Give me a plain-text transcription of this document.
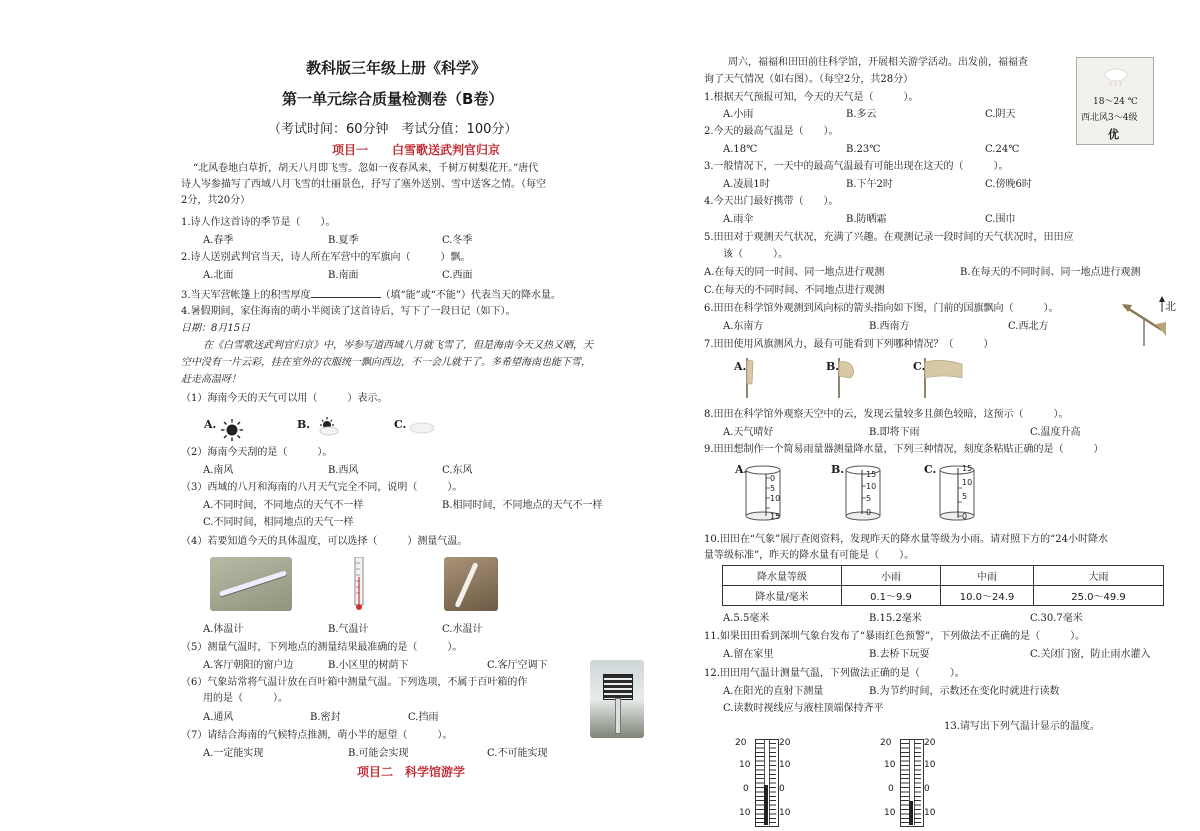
教科版三年级上册《科学》
第一单元综合质量检测卷（B卷）
（考试时间：60分钟　考试分值：100分）
项目一　　白雪歌送武判官归京
“北风卷地白草折，胡天八月即飞雪。忽如一夜春风来，千树万树梨花开。”唐代
诗人岑参描写了西域八月飞雪的壮丽景色，抒写了塞外送别、雪中送客之情。（每空
2分，共20分）
1.诗人作这首诗的季节是（　　）。
A.春季	B.夏季	C.冬季
2.诗人送别武判官当天，诗人所在军营中的军旗向（　　　）飘。
A.北面	B.南面	C.西面
3.当天军营帐篷上的积雪厚度	（填“能”或“不能”）代表当天的降水量。
4.暑假期间，家住海南的萌小半阅读了这首诗后，写下了一段日记（如下）。
日期：8月15日
在《白雪歌送武判官归京》中，岑参写道西域八月就飞雪了，但是海南今天又热又晒，天
空中没有一片云彩，挂在室外的衣服统一飘向西边，不一会儿就干了。多希望海南也能下雪，
赶走高温呀！
（1）海南今天的天气可以用（　　　）表示。
A.	B.	C.
（2）海南今天刮的是（　　　）。
A.南风	B.西风	C.东风
（3）西域的八月和海南的八月天气完全不同，说明（　　　）。
A.不同时间，不同地点的天气不一样	B.相同时间，不同地点的天气不一样
C.不同时间，相同地点的天气一样
（4）若要知道今天的具体温度，可以选择（　　　）测量气温。
A.体温计	B.气温计	C.水温计
（5）测量气温时，下列地点的测量结果最准确的是（　　　）。
A.客厅朝阳的窗户边	B.小区里的树荫下	C.客厅空调下
（6）气象站常将气温计放在百叶箱中测量气温。下列选项，不属于百叶箱的作
用的是（　　　）。
A.通风	B.密封	C.挡雨
（7）请结合海南的气候特点推测，萌小半的愿望（　　　）。
A.一定能实现	B.可能会实现	C.不可能实现
项目二　科学馆游学
周六，福福和田田前往科学馆，开展相关游学活动。出发前，福福查
询了天气情况（如右图）。（每空2分，共28分）
18～24 ℃
西北风3～4级
优
1.根据天气预报可知，今天的天气是（　　　）。
A.小雨	B.多云	C.阴天
2.今天的最高气温是（　　）。
A.18℃	B.23℃	C.24℃
3.一般情况下，一天中的最高气温最有可能出现在这天的（　　　）。
A.凌晨1时	B.下午2时	C.傍晚6时
4.今天出门最好携带（　　）。
A.雨伞	B.防晒霜	C.围巾
5.田田对于观测天气状况，充满了兴趣。在观测记录一段时间的天气状况时，田田应
该（　　　）。
A.在每天的同一时间、同一地点进行观测	B.在每天的不同时间、同一地点进行观测
C.在每天的不同时间、不同地点进行观测
6.田田在科学馆外观测到风向标的箭头指向如下图，门前的国旗飘向（　　　）。
A.东南方	B.西南方	C.西北方
北
7.田田使用风旗测风力，最有可能看到下列哪种情况？（　　　）
A.	B.	C.
8.田田在科学馆外观察天空中的云，发现云量较多且颜色较暗，这预示（　　　）。
A.天气晴好	B.即将下雨	C.温度升高
9.田田想制作一个简易雨量器测量降水量，下列三种情况，刻度条粘贴正确的是（　　　）
A.
0
5
10
15
B.	15
10
5
0
C.	15
10
5
0
10.田田在“气象”展厅查阅资料，发现昨天的降水量等级为小雨。请对照下方的“24小时降水
量等级标准”，昨天的降水量有可能是（　　）。
降水量等级	小雨	中雨	大雨
降水量/毫米	0.1～9.9	10.0～24.9	25.0～49.9
A.5.5毫米	B.15.2毫米	C.30.7毫米
11.如果田田看到深圳气象台发布了“暴雨红色预警”，下列做法不正确的是（　　　）。
A.留在家里	B.去桥下玩耍	C.关闭门窗，防止雨水灌入
12.田田用气温计测量气温，下列做法正确的是（　　　）。
A.在阳光的直射下测量	B.为节约时间，示数还在变化时就进行读数
C.读数时视线应与液柱顶端保持齐平
13.请写出下列气温计显示的温度。
20
10
0
10
20
10
0
10
20
10
0
10
20
10
0
10
